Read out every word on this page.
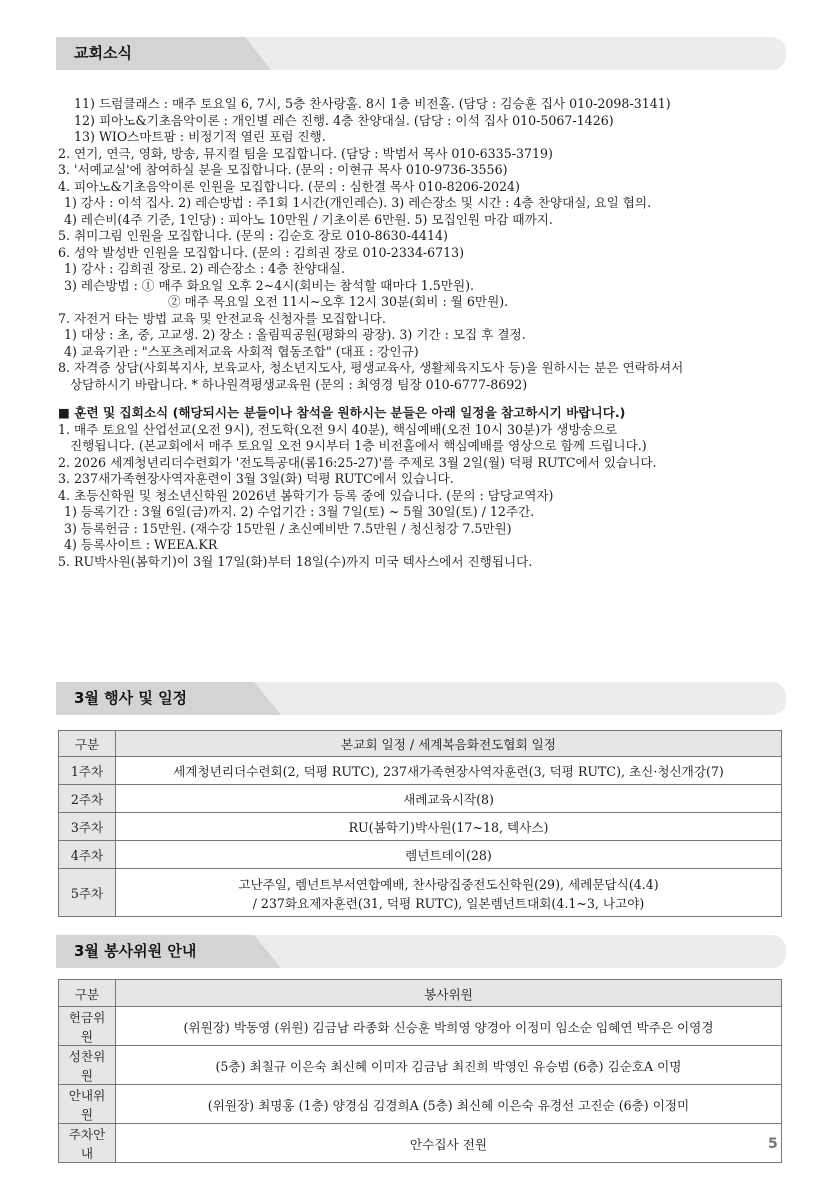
교회소식
11) 드럼클래스 : 매주 토요일 6, 7시, 5층 찬사랑홀. 8시 1층 비전홀. (담당 : 김승훈 집사 010-2098-3141)
12) 피아노&기초음악이론 : 개인별 레슨 진행. 4층 찬양대실. (담당 : 이석 집사 010-5067-1426)
13) WIO스마트팜 : 비정기적 열린 포럼 진행.
2. 연기, 연극, 영화, 방송, 뮤지컬 팀을 모집합니다. (담당 : 박범서 목사 010-6335-3719)
3. '서예교실'에 참여하실 분을 모집합니다. (문의 : 이현규 목사 010-9736-3556)
4. 피아노&기초음악이론 인원을 모집합니다. (문의 : 심한결 목사 010-8206-2024)
1) 강사 : 이석 집사. 2) 레슨방법 : 주1회 1시간(개인레슨). 3) 레슨장소 및 시간 : 4층 찬양대실, 요일 협의.
4) 레슨비(4주 기준, 1인당) : 피아노 10만원 / 기초이론 6만원. 5) 모집인원 마감 때까지.
5. 취미그림 인원을 모집합니다. (문의 : 김순호 장로 010-8630-4414)
6. 성악 발성반 인원을 모집합니다. (문의 : 김희권 장로 010-2334-6713)
1) 강사 : 김희권 장로. 2) 레슨장소 : 4층 찬양대실.
3) 레슨방법 : ① 매주 화요일 오후 2~4시(회비는 참석할 때마다 1.5만원).
② 매주 목요일 오전 11시~오후 12시 30분(회비 : 월 6만원).
7. 자전거 타는 방법 교육 및 안전교육 신청자를 모집합니다.
1) 대상 : 초, 중, 고교생. 2) 장소 : 올림픽공원(평화의 광장). 3) 기간 : 모집 후 결정.
4) 교육기관 : "스포츠레저교육 사회적 협동조합" (대표 : 강인규)
8. 자격증 상담(사회복지사, 보육교사, 청소년지도사, 평생교육사, 생활체육지도사 등)을 원하시는 분은 연락하셔서
상담하시기 바랍니다. * 하나원격평생교육원 (문의 : 최영경 팀장 010-6777-8692)
■ 훈련 및 집회소식 (해당되시는 분들이나 참석을 원하시는 분들은 아래 일정을 참고하시기 바랍니다.)
1. 매주 토요일 산업선교(오전 9시), 전도학(오전 9시 40분), 핵심예배(오전 10시 30분)가 생방송으로
진행됩니다. (본교회에서 매주 토요일 오전 9시부터 1층 비전홀에서 핵심예배를 영상으로 함께 드립니다.)
2. 2026 세계청년리더수련회가 '전도특공대(롬16:25-27)'를 주제로 3월 2일(월) 덕평 RUTC에서 있습니다.
3. 237새가족현장사역자훈련이 3월 3일(화) 덕평 RUTC에서 있습니다.
4. 초등신학원 및 청소년신학원 2026년 봄학기가 등록 중에 있습니다. (문의 : 담당교역자)
1) 등록기간 : 3월 6일(금)까지. 2) 수업기간 : 3월 7일(토) ~ 5월 30일(토) / 12주간.
3) 등록헌금 : 15만원. (재수강 15만원 / 초신예비반 7.5만원 / 청신청강 7.5만원)
4) 등록사이트 : WEEA.KR
5. RU박사원(봄학기)이 3월 17일(화)부터 18일(수)까지 미국 텍사스에서 진행됩니다.
3월 행사 및 일정
구분	본교회 일정 / 세계복음화전도협회 일정
1주차	세계청년리더수련회(2, 덕평 RUTC), 237새가족현장사역자훈련(3, 덕평 RUTC), 초신·청신개강(7)
2주차	새례교육시작(8)
3주차	RU(봄학기)박사원(17~18, 텍사스)
4주차	렘넌트데이(28)
5주차	고난주일, 렘넌트부서연합예배, 찬사랑집중전도신학원(29), 세례문답식(4.4)
/ 237화요제자훈련(31, 덕평 RUTC), 일본렘넌트대회(4.1~3, 나고야)
3월 봉사위원 안내
구분	봉사위원
헌금위원	(위원장) 박동영 (위원) 김금남 라종화 신승훈 박희영 양경아 이정미 임소순 임혜연 박주은 이영경
성찬위원	(5층) 최칠규 이은숙 최신혜 이미자 김금남 최진희 박영인 유승범 (6층) 김순호A 이명
안내위원	(위원장) 최명홍 (1층) 양경심 김경희A (5층) 최신혜 이은숙 유경선 고진순 (6층) 이정미
주차안내	안수집사 전원	5
